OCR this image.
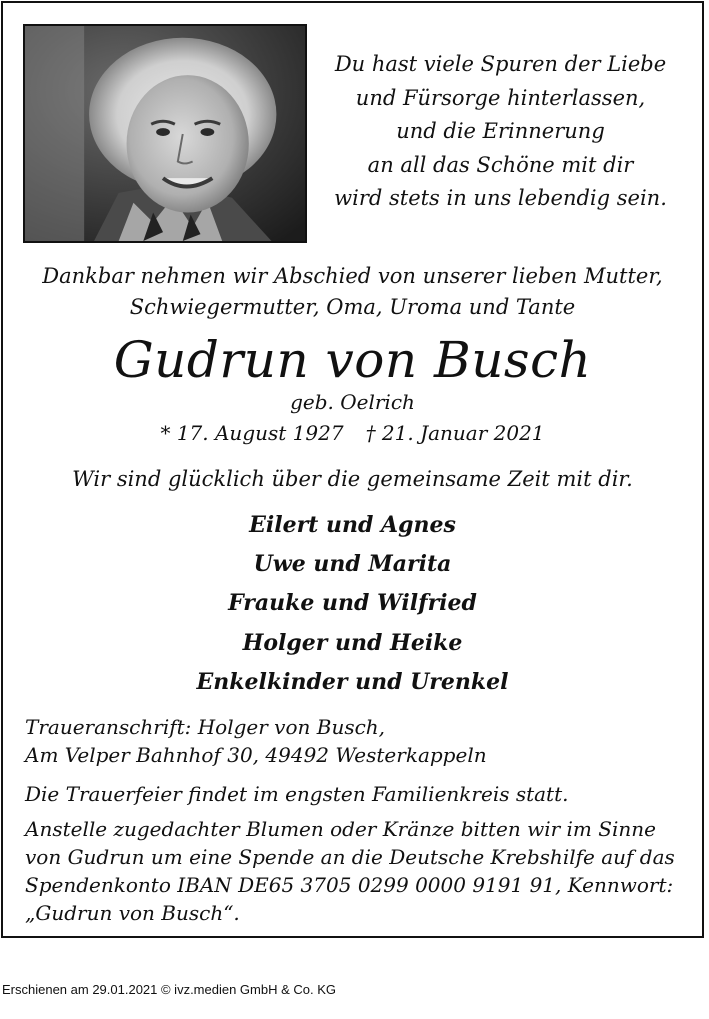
Du hast viele Spuren der Liebe
und Fürsorge hinterlassen,
und die Erinnerung
an all das Schöne mit dir
wird stets in uns lebendig sein.
Dankbar nehmen wir Abschied von unserer lieben Mutter,
Schwiegermutter, Oma, Uroma und Tante
Gudrun von Busch
geb. Oelrich
* 17. August 1927 † 21. Januar 2021
Wir sind glücklich über die gemeinsame Zeit mit dir.
Eilert und Agnes
Uwe und Marita
Frauke und Wilfried
Holger und Heike
Enkelkinder und Urenkel
Traueranschrift: Holger von Busch,
Am Velper Bahnhof 30, 49492 Westerkappeln
Die Trauerfeier findet im engsten Familienkreis statt.
Anstelle zugedachter Blumen oder Kränze bitten wir im Sinne
von Gudrun um eine Spende an die Deutsche Krebshilfe auf das
Spendenkonto IBAN DE65 3705 0299 0000 9191 91, Kennwort:
„Gudrun von Busch“.
Erschienen am 29.01.2021 © ivz.medien GmbH & Co. KG
